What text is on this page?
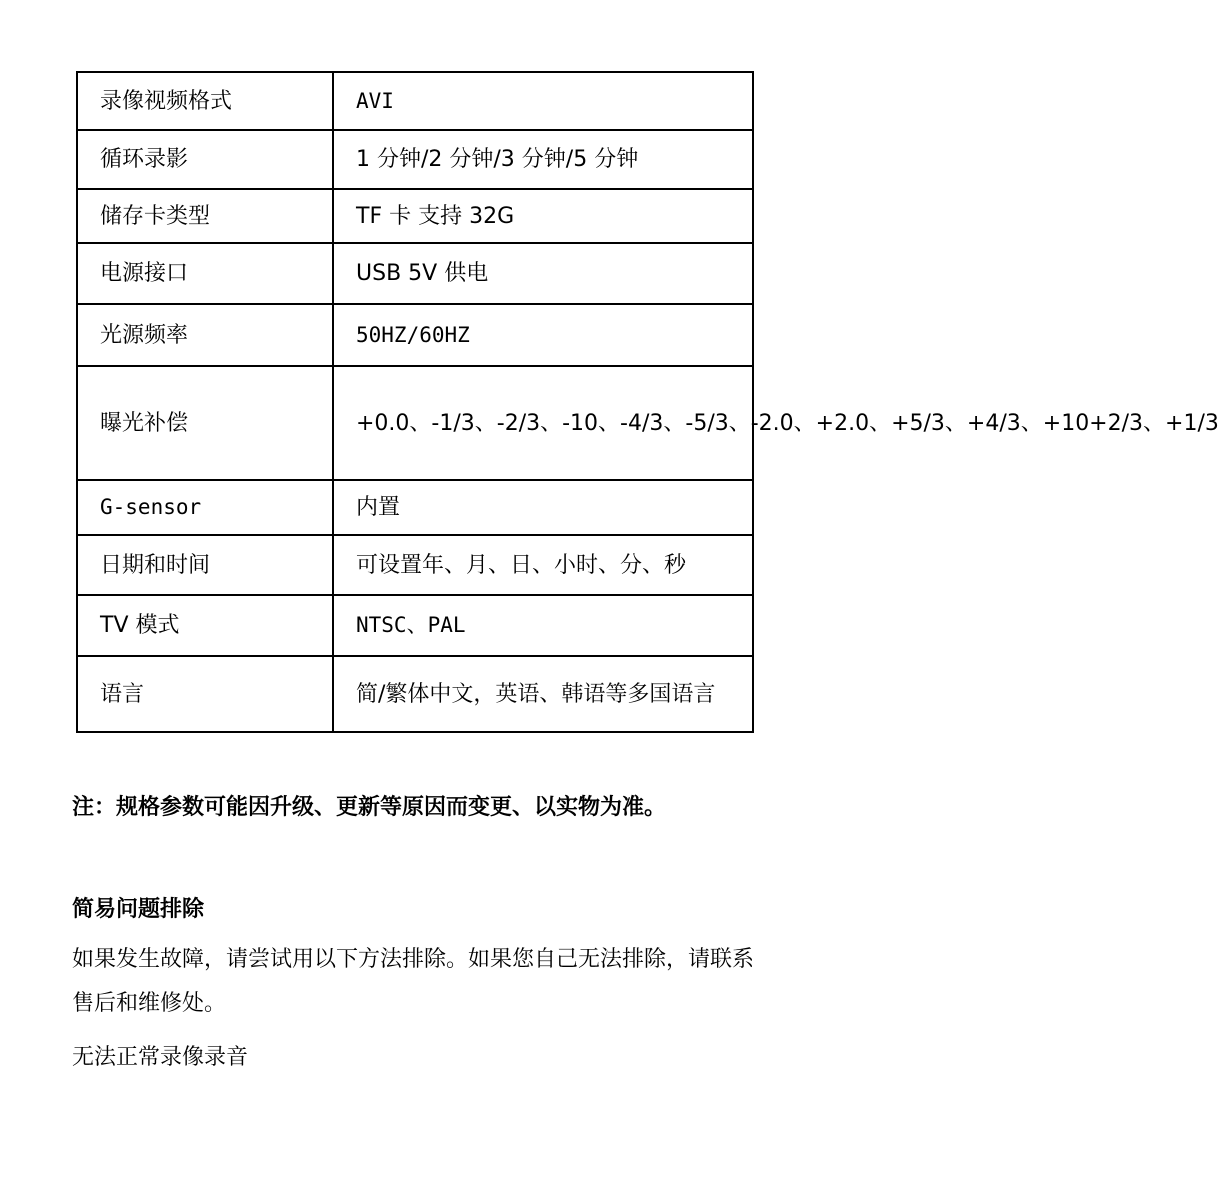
录像视频格式	AVI
循环录影	1 分钟/2 分钟/3 分钟/5 分钟
储存卡类型	TF 卡 支持 32G
电源接口	USB 5V 供电
光源频率	50HZ/60HZ
曝光补偿	+0.0、-1/3、-2/3、-10、-4/3、-5/3、-2.0、+2.0、+5/3、+4/3、+10+2/3、+1/3
G-sensor	内置
日期和时间	可设置年、月、日、小时、分、秒
TV 模式	NTSC、PAL
语言	简/繁体中文，英语、韩语等多国语言
注：规格参数可能因升级、更新等原因而变更、以实物为准。
简易问题排除
如果发生故障，请尝试用以下方法排除。如果您自己无法排除，请联系售后和维修处。
无法正常录像录音
